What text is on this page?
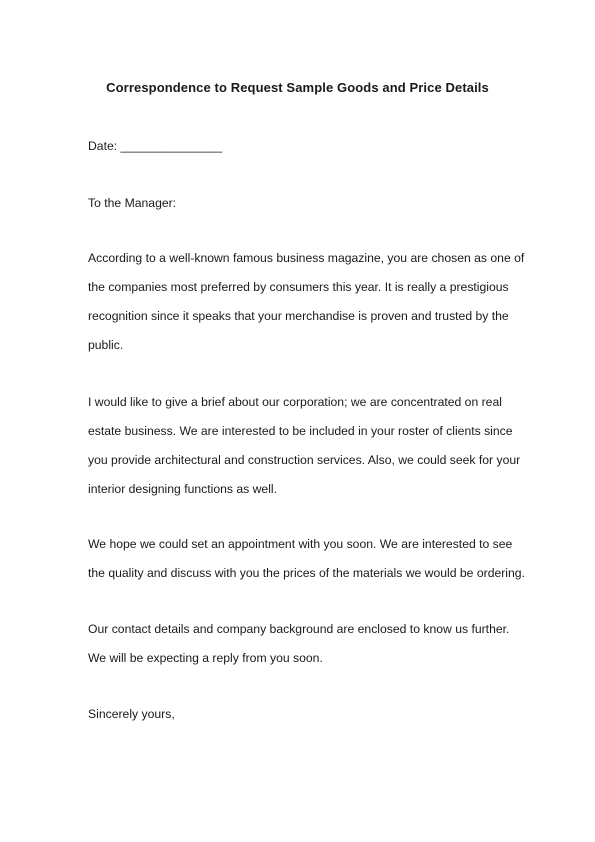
Correspondence to Request Sample Goods and Price Details
Date: _______________
To the Manager:
According to a well-known famous business magazine, you are chosen as one of
the companies most preferred by consumers this year. It is really a prestigious
recognition since it speaks that your merchandise is proven and trusted by the
public.
I would like to give a brief about our corporation; we are concentrated on real
estate business. We are interested to be included in your roster of clients since
you provide architectural and construction services. Also, we could seek for your
interior designing functions as well.
We hope we could set an appointment with you soon. We are interested to see
the quality and discuss with you the prices of the materials we would be ordering.
Our contact details and company background are enclosed to know us further.
We will be expecting a reply from you soon.
Sincerely yours,
